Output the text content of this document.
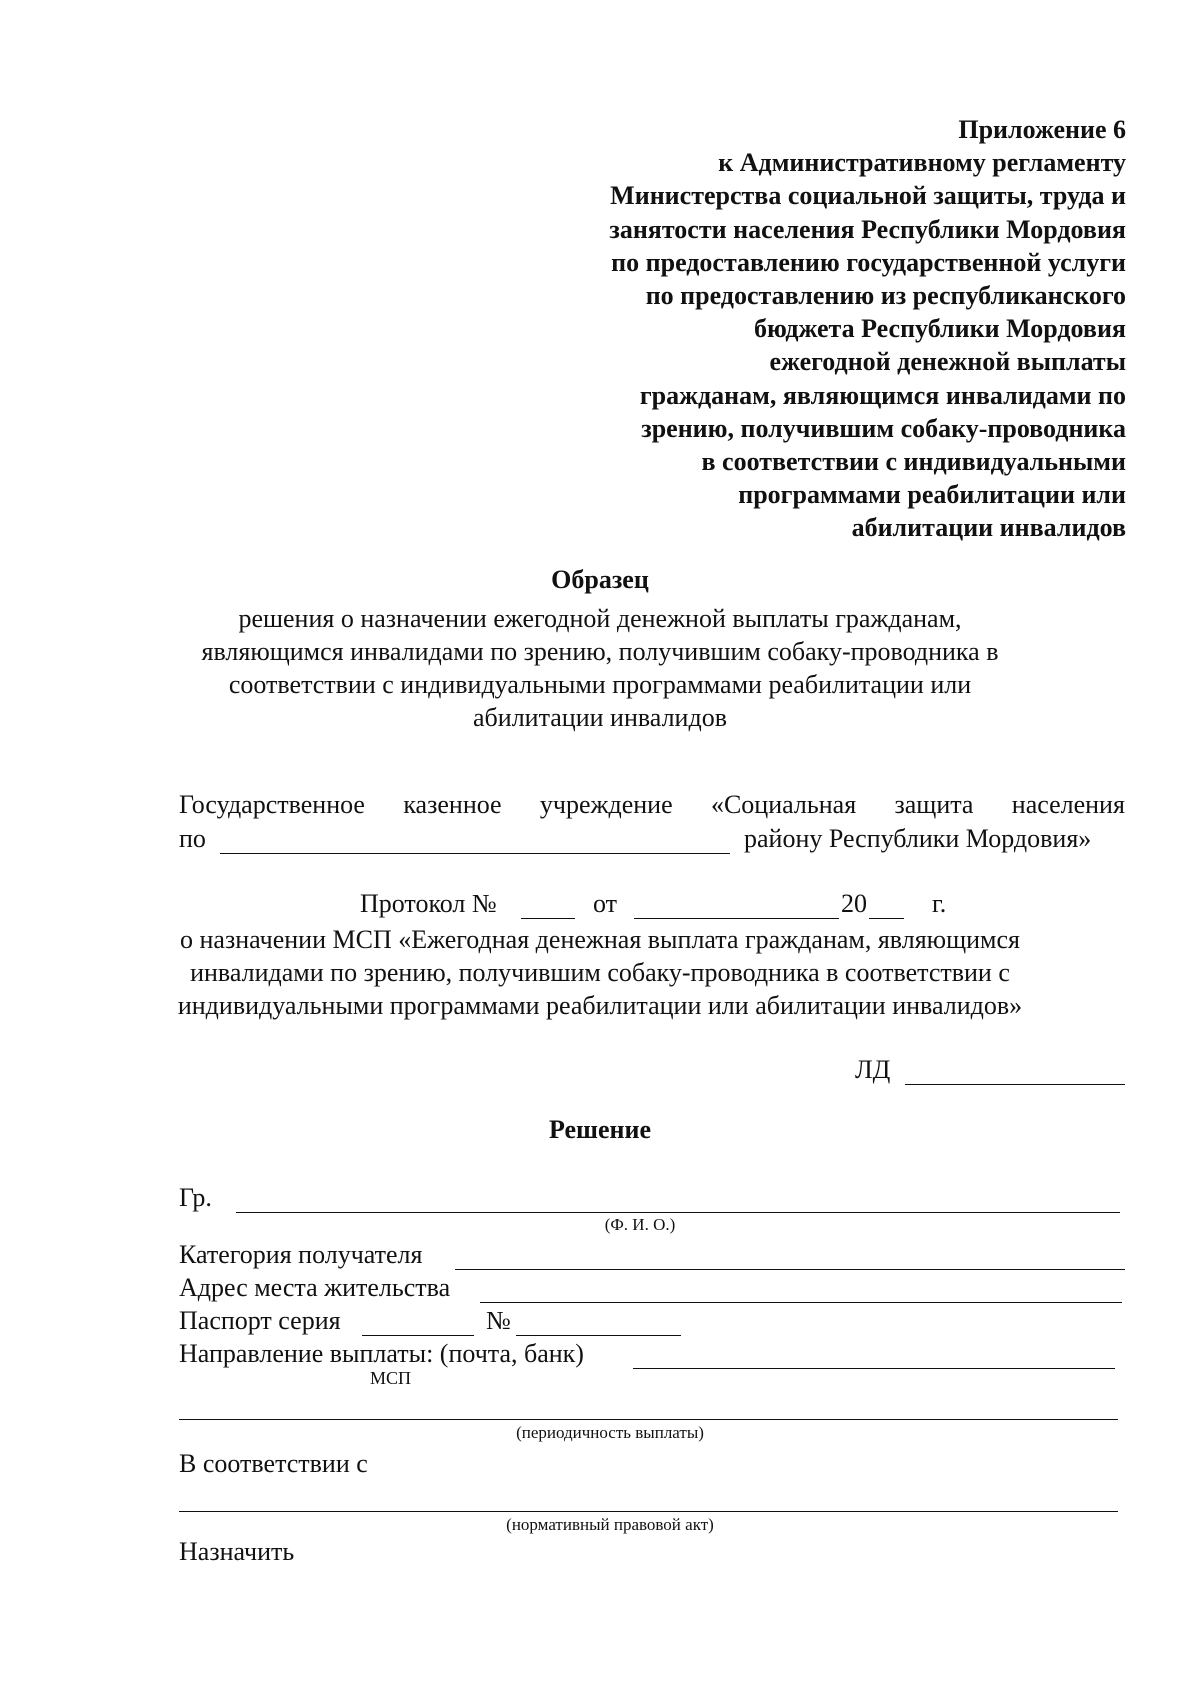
Приложение 6
к Административному регламенту
Министерства социальной защиты, труда и
занятости населения Республики Мордовия
по предоставлению государственной услуги
по предоставлению из республиканского
бюджета Республики Мордовия
ежегодной денежной выплаты
гражданам, являющимся инвалидами по
зрению, получившим собаку-проводника
в соответствии с индивидуальными
программами реабилитации или
абилитации инвалидов
Образец
решения о назначении ежегодной денежной выплаты гражданам,
являющимся инвалидами по зрению, получившим собаку-проводника в
соответствии с индивидуальными программами реабилитации или
абилитации инвалидов
Государственное казенное учреждение «Социальная защита населения
по	району Республики Мордовия»
Протокол №	от	20	г.
о назначении МСП «Ежегодная денежная выплата гражданам, являющимся
инвалидами по зрению, получившим собаку-проводника в соответствии с
индивидуальными программами реабилитации или абилитации инвалидов»
ЛД
Решение
Гр.
(Ф. И. О.)
Категория получателя
Адрес места жительства
Паспорт серия	№
Направление выплаты: (почта, банк)
МСП
(периодичность выплаты)
В соответствии с
(нормативный правовой акт)
Назначить
